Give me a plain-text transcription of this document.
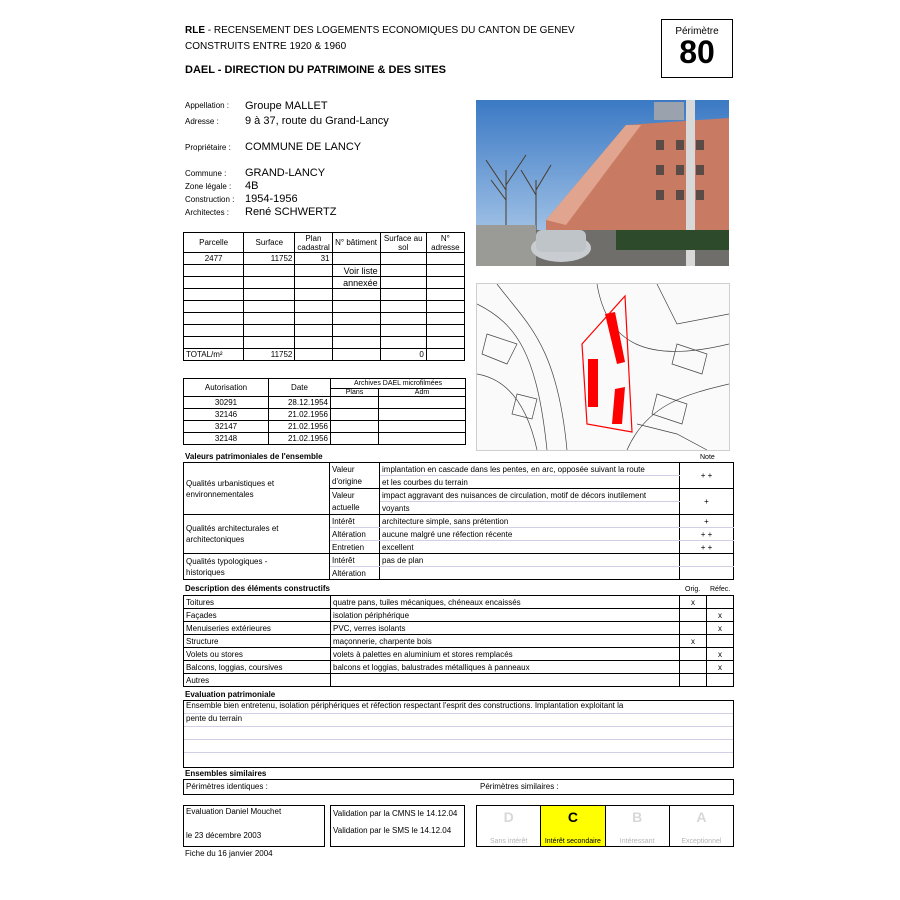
RLE - RECENSEMENT DES LOGEMENTS ECONOMIQUES DU CANTON DE GENEV
CONSTRUITS ENTRE 1920 & 1960
DAEL - DIRECTION DU PATRIMOINE & DES SITES
Périmètre
80
Appellation : Groupe MALLET
Adresse : 9 à 37, route du Grand-Lancy
Propriétaire : COMMUNE DE LANCY
Commune : GRAND-LANCY
Zone légale : 4B
Construction : 1954-1956
Architectes : René SCHWERTZ
Parcelle	Surface	Plan cadastral	N° bâtiment	Surface au sol	N° adresse
2477	11752	31			
			Voir liste		
			annexée		

TOTAL/m²	11752			0	
Autorisation	Date	Archives DAEL microfilmées	
		Plans	Adm
30291	28.12.1954		
32146	21.02.1956		
32147	21.02.1956		
32148	21.02.1956		
Valeurs patrimoniales de l'ensemble	Note
Qualités urbanistiques et
environnementales	Valeur	implantation en cascade dans les pentes, en arc, opposée suivant la route	+ +
	d'origine	et les courbes du terrain	
	Valeur	impact aggravant des nuisances de circulation, motif de décors inutilement	+
	actuelle	voyants	

Qualités architecturales et
architectoniques	Intérêt	architecture simple, sans prétention	+
	Altération	aucune malgré une réfection récente	+ +
	Entretien	excellent	+ +

Qualités typologiques -
historiques	Intérêt	pas de plan	
	Altération		
Description des éléments constructifs	Orig. Réfec.
Toitures	quatre pans, tuiles mécaniques, chéneaux encaissés	x	
Façades	isolation périphérique		x
Menuiseries extérieures	PVC, verres isolants		x
Structure	maçonnerie, charpente bois	x	
Volets ou stores	volets à palettes en aluminium et stores remplacés		x
Balcons, loggias, coursives	balcons et loggias, balustrades métalliques à panneaux		x
Autres			
Evaluation patrimoniale
Ensemble bien entretenu, isolation périphériques et réfection respectant l'esprit des constructions. Implantation exploitant la
pente du terrain
Ensembles similaires
Périmètres identiques :	Périmètres similaires :
Evaluation Daniel Mouchet
le 23 décembre 2003
Validation par la CMNS le 14.12.04
Validation par le SMS le 14.12.04
D
Sans intérêt
C
Intérêt secondaire
B
Intéressant
A
Exceptionnel
Fiche du 16 janvier 2004
